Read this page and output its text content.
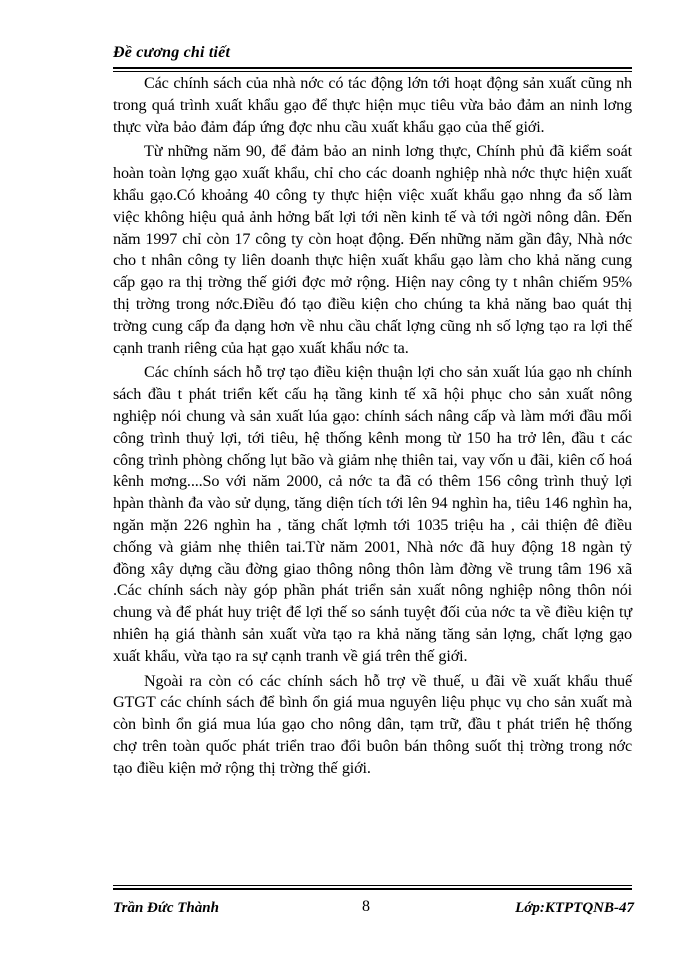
Đề cương chi tiết

Các chính sách của nhà nớc có tác động lớn tới hoạt động sản xuất cũng nh trong quá trình xuất khẩu gạo để thực hiện mục tiêu vừa bảo đảm an ninh lơng thực vừa bảo đảm đáp ứng đợc nhu cầu xuất khẩu gạo của thế giới.

Từ những năm 90, để đảm bảo an ninh lơng thực, Chính phủ đã kiểm soát hoàn toàn lợng gạo xuất khẩu, chỉ cho các doanh nghiệp nhà nớc thực hiện xuất khẩu gạo.Có khoảng 40 công ty thực hiện việc xuất khẩu gạo nhng đa số làm việc không hiệu quả ảnh hởng bất lợi tới nền kinh tế và tới ngời nông dân. Đến năm 1997 chỉ còn 17 công ty còn hoạt động. Đến những năm gần đây, Nhà nớc cho t nhân công ty liên doanh thực hiện xuất khẩu gạo làm cho khả năng cung cấp gạo ra thị trờng thế giới đợc mở rộng. Hiện nay công ty t nhân chiếm 95% thị trờng trong nớc.Điều đó tạo điều kiện cho chúng ta khả năng bao quát thị trờng cung cấp đa dạng hơn về nhu cầu chất lợng cũng nh số lợng tạo ra lợi thế cạnh tranh riêng của hạt gạo xuất khẩu nớc ta.

Các chính sách hỗ trợ tạo điều kiện thuận lợi cho sản xuất lúa gạo nh chính sách đầu t phát triển kết cấu hạ tầng kinh tế xã hội phục cho sản xuất nông nghiệp nói chung và sản xuất lúa gạo: chính sách nâng cấp và làm mới đầu mối công trình thuỷ lợi, tới tiêu, hệ thống kênh mong từ 150 ha trở lên, đầu t các công trình phòng chống lụt bão và giảm nhẹ thiên tai, vay vốn u đãi, kiên cố hoá kênh mơng....So với năm 2000, cả nớc ta đã có thêm 156 công trình thuỷ lợi hpàn thành đa vào sử dụng, tăng diện tích tới lên 94 nghìn ha, tiêu 146 nghìn ha, ngăn mặn 226 nghìn ha , tăng chất lợmh tới 1035 triệu ha , cải thiện đê điều chống và giảm nhẹ thiên tai.Từ năm 2001, Nhà nớc đã huy động 18 ngàn tỷ đồng xây dựng cầu đờng giao thông nông thôn làm đờng về trung tâm 196 xã .Các chính sách này góp phần phát triển sản xuất nông nghiệp nông thôn nói chung và để phát huy triệt để lợi thế so sánh tuyệt đối của nớc ta về điều kiện tự nhiên hạ giá thành sản xuất vừa tạo ra khả năng tăng sản lợng, chất lợng gạo xuất khẩu, vừa tạo ra sự cạnh tranh về giá trên thế giới.

Ngoài ra còn có các chính sách hỗ trợ về thuế, u đãi về xuất khẩu thuế GTGT các chính sách để bình ổn giá mua nguyên liệu phục vụ cho sản xuất mà còn bình ổn giá mua lúa gạo cho nông dân, tạm trữ, đầu t phát triển hệ thống chợ trên toàn quốc phát triển trao đổi buôn bán thông suốt thị trờng trong nớc tạo điều kiện mở rộng thị trờng thế giới.

Trần Đức Thành	8	Lớp:KTPTQNB-47
